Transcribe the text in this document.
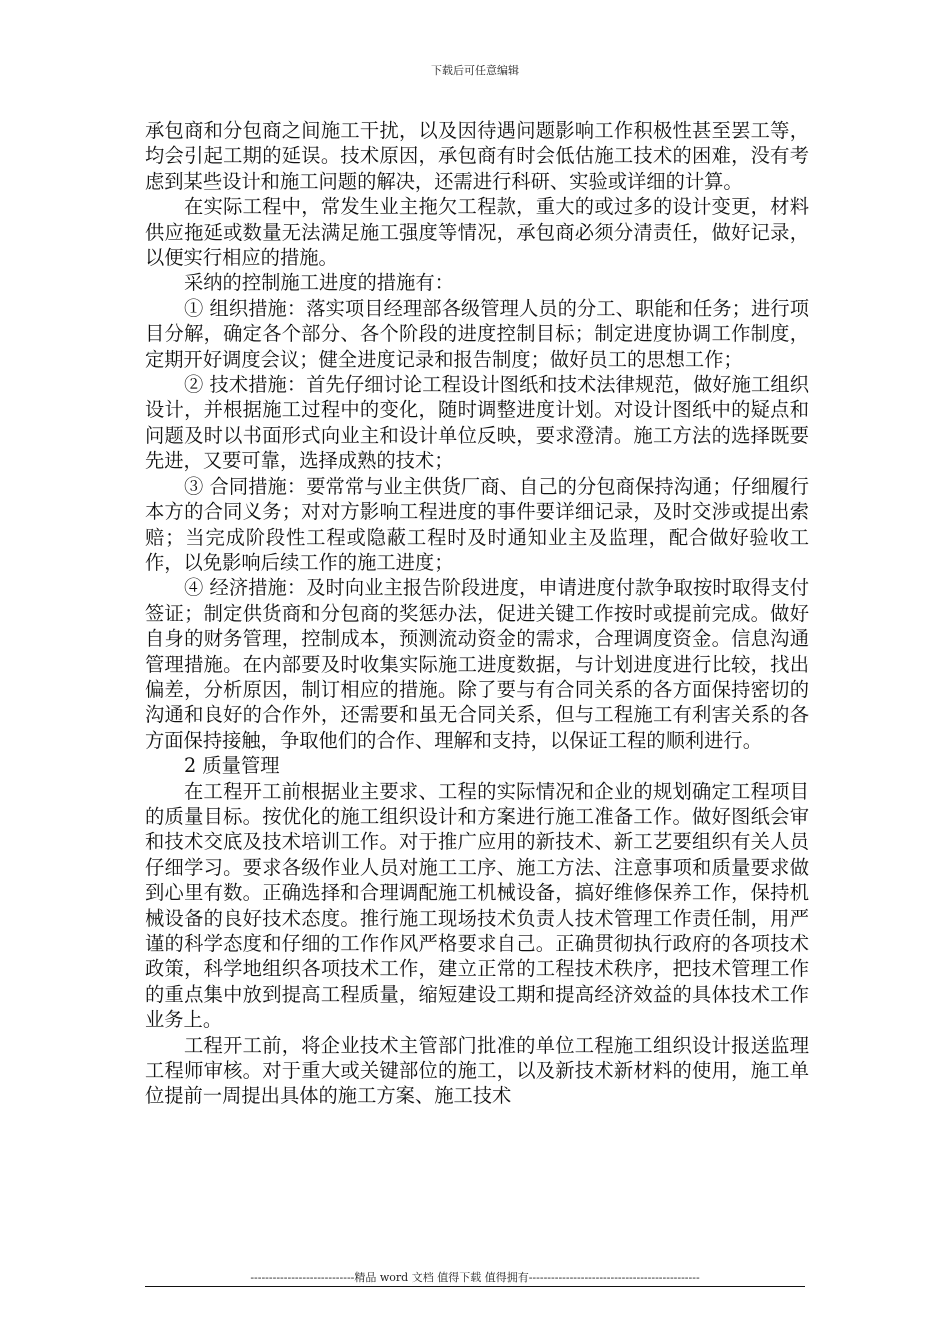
下载后可任意编辑

承包商和分包商之间施工干扰，以及因待遇问题影响工作积极性甚至罢工等，均会引起工期的延误。技术原因，承包商有时会低估施工技术的困难，没有考虑到某些设计和施工问题的解决，还需进行科研、实验或详细的计算。

在实际工程中，常发生业主拖欠工程款，重大的或过多的设计变更，材料供应拖延或数量无法满足施工强度等情况，承包商必须分清责任，做好记录，以便实行相应的措施。

采纳的控制施工进度的措施有：

① 组织措施：落实项目经理部各级管理人员的分工、职能和任务；进行项目分解，确定各个部分、各个阶段的进度控制目标；制定进度协调工作制度，定期开好调度会议；健全进度记录和报告制度；做好员工的思想工作；

② 技术措施：首先仔细讨论工程设计图纸和技术法律规范，做好施工组织设计，并根据施工过程中的变化，随时调整进度计划。对设计图纸中的疑点和问题及时以书面形式向业主和设计单位反映，要求澄清。施工方法的选择既要先进，又要可靠，选择成熟的技术；

③ 合同措施：要常常与业主供货厂商、自己的分包商保持沟通；仔细履行本方的合同义务；对对方影响工程进度的事件要详细记录，及时交涉或提出索赔；当完成阶段性工程或隐蔽工程时及时通知业主及监理，配合做好验收工作，以免影响后续工作的施工进度；

④ 经济措施：及时向业主报告阶段进度，申请进度付款争取按时取得支付签证；制定供货商和分包商的奖惩办法，促进关键工作按时或提前完成。做好自身的财务管理，控制成本，预测流动资金的需求，合理调度资金。信息沟通管理措施。在内部要及时收集实际施工进度数据，与计划进度进行比较，找出偏差，分析原因，制订相应的措施。除了要与有合同关系的各方面保持密切的沟通和良好的合作外，还需要和虽无合同关系，但与工程施工有利害关系的各方面保持接触，争取他们的合作、理解和支持，以保证工程的顺利进行。

2 质量管理

在工程开工前根据业主要求、工程的实际情况和企业的规划确定工程项目的质量目标。按优化的施工组织设计和方案进行施工准备工作。做好图纸会审和技术交底及技术培训工作。对于推广应用的新技术、新工艺要组织有关人员仔细学习。要求各级作业人员对施工工序、施工方法、注意事项和质量要求做到心里有数。正确选择和合理调配施工机械设备，搞好维修保养工作，保持机械设备的良好技术态度。推行施工现场技术负责人技术管理工作责任制，用严谨的科学态度和仔细的工作作风严格要求自己。正确贯彻执行政府的各项技术政策，科学地组织各项技术工作，建立正常的工程技术秩序，把技术管理工作的重点集中放到提高工程质量，缩短建设工期和提高经济效益的具体技术工作业务上。

工程开工前，将企业技术主管部门批准的单位工程施工组织设计报送监理工程师审核。对于重大或关键部位的施工，以及新技术新材料的使用，施工单位提前一周提出具体的施工方案、施工技术

----------------------------精品 word 文档 值得下载 值得拥有----------------------------------------------
